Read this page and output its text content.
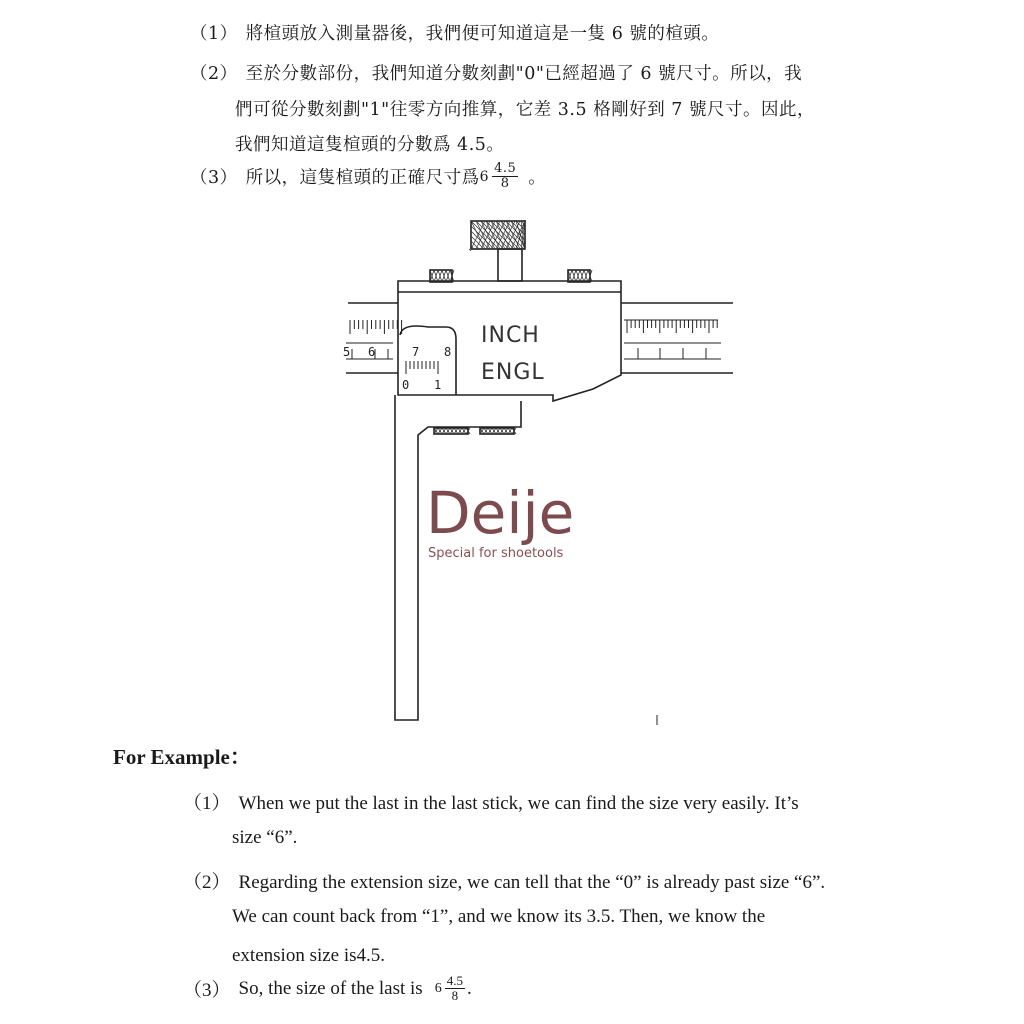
（1） 將楦頭放入測量器後，我們便可知道這是一隻 6 號的楦頭。
（2） 至於分數部份，我們知道分數刻劃"0"已經超過了 6 號尺寸。所以，我
們可從分數刻劃"1"往零方向推算，它差 3.5 格剛好到 7 號尺寸。因此，
我們知道這隻楦頭的分數爲 4.5。
（3） 所以，這隻楦頭的正確尺寸爲 $6 \frac{4.5}{8}$ 。
5 6	7 8
0 1
INCH
ENGL
Deije
Special for shoetools
For Example：
（1） When we put the last in the last stick, we can find the size very easily. It’s
size “6”.
（2） Regarding the extension size, we can tell that the “0” is already past size “6”.
We can count back from “1”, and we know its 3.5. Then, we know the
extension size is4.5.
（3） So, the size of the last is $6 \frac{4.5}{8}$ .
